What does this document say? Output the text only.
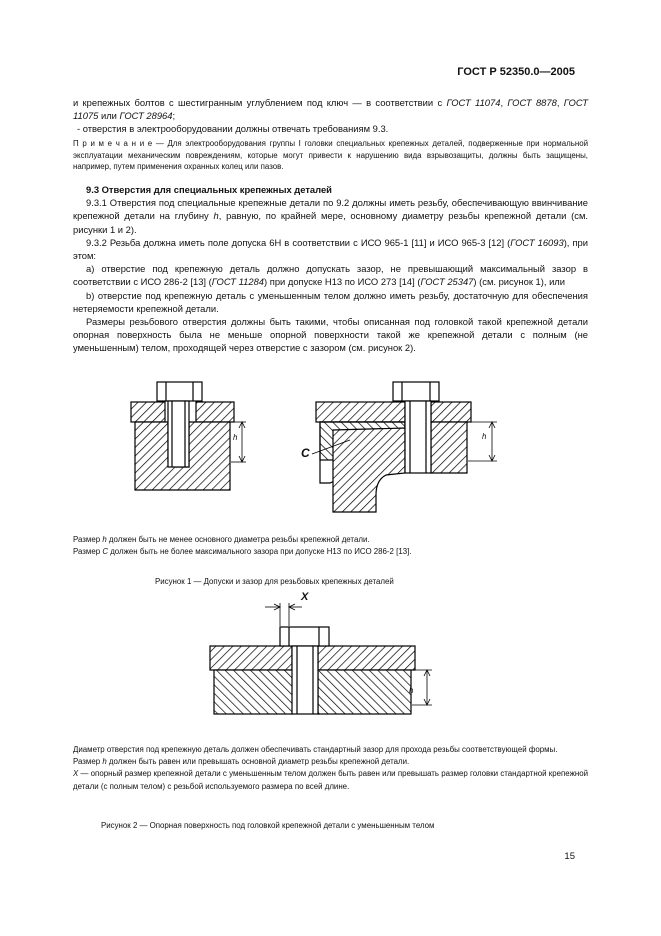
ГОСТ Р 52350.0—2005

и крепежных болтов с шестигранным углублением под ключ — в соответствии с ГОСТ 11074, ГОСТ 8878, ГОСТ 11075 или ГОСТ 28964;

- отверстия в электрооборудовании должны отвечать требованиям 9.3.

П р и м е ч а н и е — Для электрооборудования группы I головки специальных крепежных деталей, подверженные при нормальной эксплуатации механическим повреждениям, которые могут привести к нарушению вида взрывозащиты, должны быть защищены, например, путем применения охранных колец или пазов.

9.3 Отверстия для специальных крепежных деталей

9.3.1 Отверстия под специальные крепежные детали по 9.2 должны иметь резьбу, обеспечивающую ввинчивание крепежной детали на глубину h, равную, по крайней мере, основному диаметру резьбы крепежной детали (см. рисунки 1 и 2).

9.3.2 Резьба должна иметь поле допуска 6H в соответствии с ИСО 965-1 [11] и ИСО 965-3 [12] (ГОСТ 16093), при этом:

а) отверстие под крепежную деталь должно допускать зазор, не превышающий максимальный зазор в соответствии с ИСО 286-2 [13] (ГОСТ 11284) при допуске H13 по ИСО 273 [14] (ГОСТ 25347) (см. рисунок 1), или

b) отверстие под крепежную деталь с уменьшенным телом должно иметь резьбу, достаточную для обеспечения нетеряемости крепежной детали.

Размеры резьбового отверстия должны быть такими, чтобы описанная под головкой такой крепежной детали опорная поверхность была не меньше опорной поверхности такой же крепежной детали с полным (не уменьшенным) телом, проходящей через отверстие с зазором (см. рисунок 2).

h	h
C

Размер h должен быть не менее основного диаметра резьбы крепежной детали.

Размер C должен быть не более максимального зазора при допуске H13 по ИСО 286-2 [13].

Рисунок 1 — Допуски и зазор для резьбовых крепежных деталей
X
h

Диаметр отверстия под крепежную деталь должен обеспечивать стандартный зазор для прохода резьбы соответствующей формы.

Размер h должен быть равен или превышать основной диаметр резьбы крепежной детали.

X — опорный размер крепежной детали с уменьшенным телом должен быть равен или превышать размер головки стандартной крепежной детали (с полным телом) с резьбой используемого размера по всей длине.

Рисунок 2 — Опорная поверхность под головкой крепежной детали с уменьшенным телом
15
